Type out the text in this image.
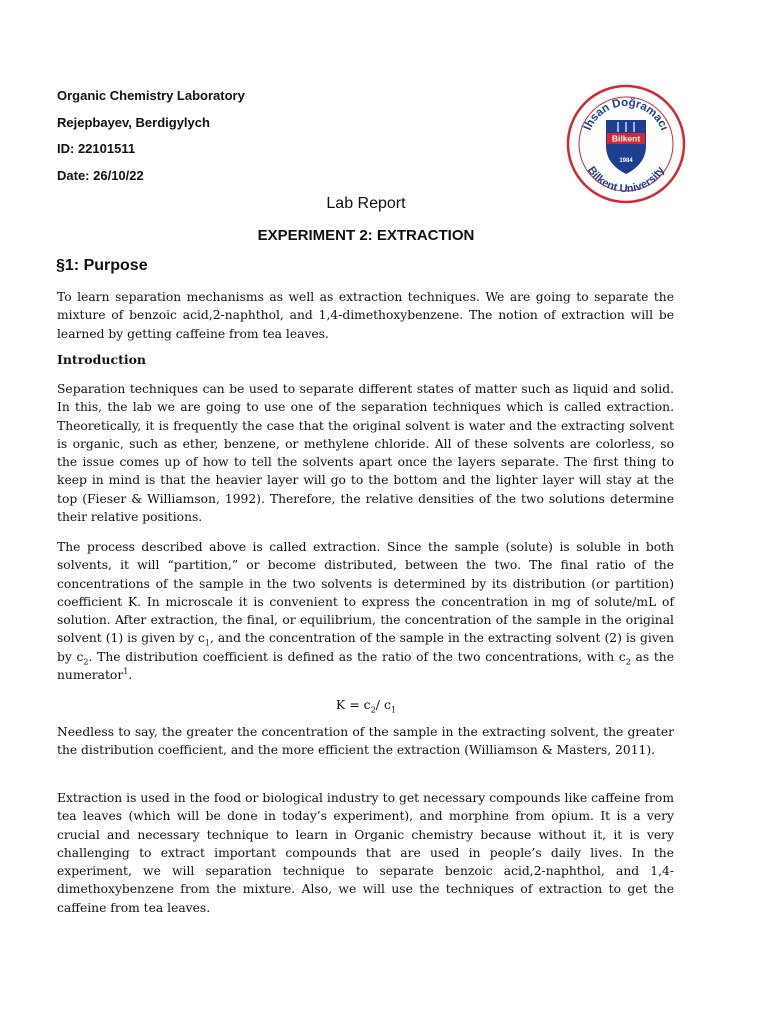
Organic Chemistry Laboratory
Rejepbayev, Berdigylych
ID: 22101511
Date: 26/10/22
İhsan Doğramacı
Bilkent University
Bilkent
1984
Lab Report
EXPERIMENT 2: EXTRACTION
§1: Purpose
To learn separation mechanisms as well as extraction techniques. We are going to separate the mixture of benzoic acid,2-naphthol, and 1,4-dimethoxybenzene. The notion of extraction will be learned by getting caffeine from tea leaves.
Introduction
Separation techniques can be used to separate different states of matter such as liquid and solid. In this, the lab we are going to use one of the separation techniques which is called extraction. Theoretically, it is frequently the case that the original solvent is water and the extracting solvent is organic, such as ether, benzene, or methylene chloride. All of these solvents are colorless, so the issue comes up of how to tell the solvents apart once the layers separate. The first thing to keep in mind is that the heavier layer will go to the bottom and the lighter layer will stay at the top (Fieser & Williamson, 1992). Therefore, the relative densities of the two solutions determine their relative positions.
The process described above is called extraction. Since the sample (solute) is soluble in both solvents, it will “partition,” or become distributed, between the two. The final ratio of the concentrations of the sample in the two solvents is determined by its distribution (or partition) coefficient K. In microscale it is convenient to express the concentration in mg of solute/mL of solution. After extraction, the final, or equilibrium, the concentration of the sample in the original solvent (1) is given by $c_1$, and the concentration of the sample in the extracting solvent (2) is given by $c_2$. The distribution coefficient is defined as the ratio of the two concentrations, with $c_2$ as the numerator$^1$.
$K = c_2/$ $c_1$
Needless to say, the greater the concentration of the sample in the extracting solvent, the greater the distribution coefficient, and the more efficient the extraction (Williamson & Masters, 2011).
Extraction is used in the food or biological industry to get necessary compounds like caffeine from tea leaves (which will be done in today’s experiment), and morphine from opium. It is a very crucial and necessary technique to learn in Organic chemistry because without it, it is very challenging to extract important compounds that are used in people’s daily lives. In the experiment, we will separation technique to separate benzoic acid,2-naphthol, and 1,4-dimethoxybenzene from the mixture. Also, we will use the techniques of extraction to get the caffeine from tea leaves.
